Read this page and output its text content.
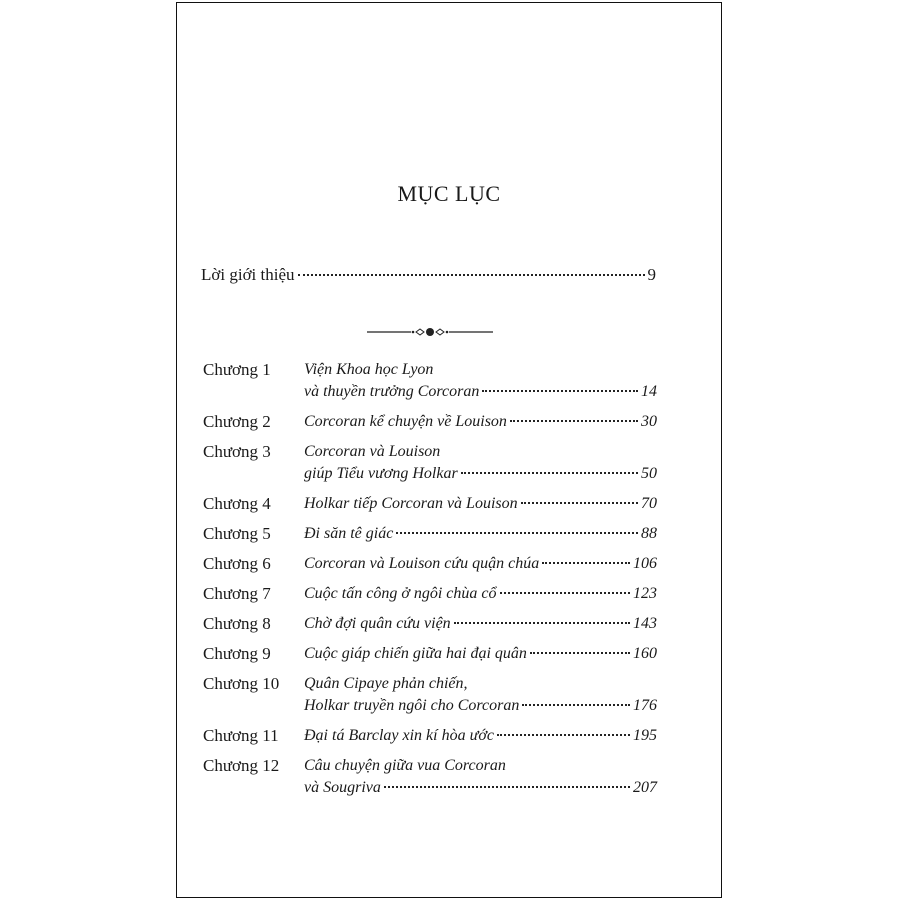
MỤC LỤC
Lời giới thiệu	9
Chương 1	Viện Khoa học Lyon
và thuyền trưởng Corcoran	14
Chương 2	Corcoran kể chuyện về Louison	30
Chương 3	Corcoran và Louison
giúp Tiểu vương Holkar	50
Chương 4	Holkar tiếp Corcoran và Louison	70
Chương 5	Đi săn tê giác	88
Chương 6	Corcoran và Louison cứu quận chúa	106
Chương 7	Cuộc tấn công ở ngôi chùa cổ	123
Chương 8	Chờ đợi quân cứu viện	143
Chương 9	Cuộc giáp chiến giữa hai đại quân	160
Chương 10	Quân Cipaye phản chiến,
Holkar truyền ngôi cho Corcoran	176
Chương 11	Đại tá Barclay xin kí hòa ước	195
Chương 12	Câu chuyện giữa vua Corcoran
và Sougriva	207
